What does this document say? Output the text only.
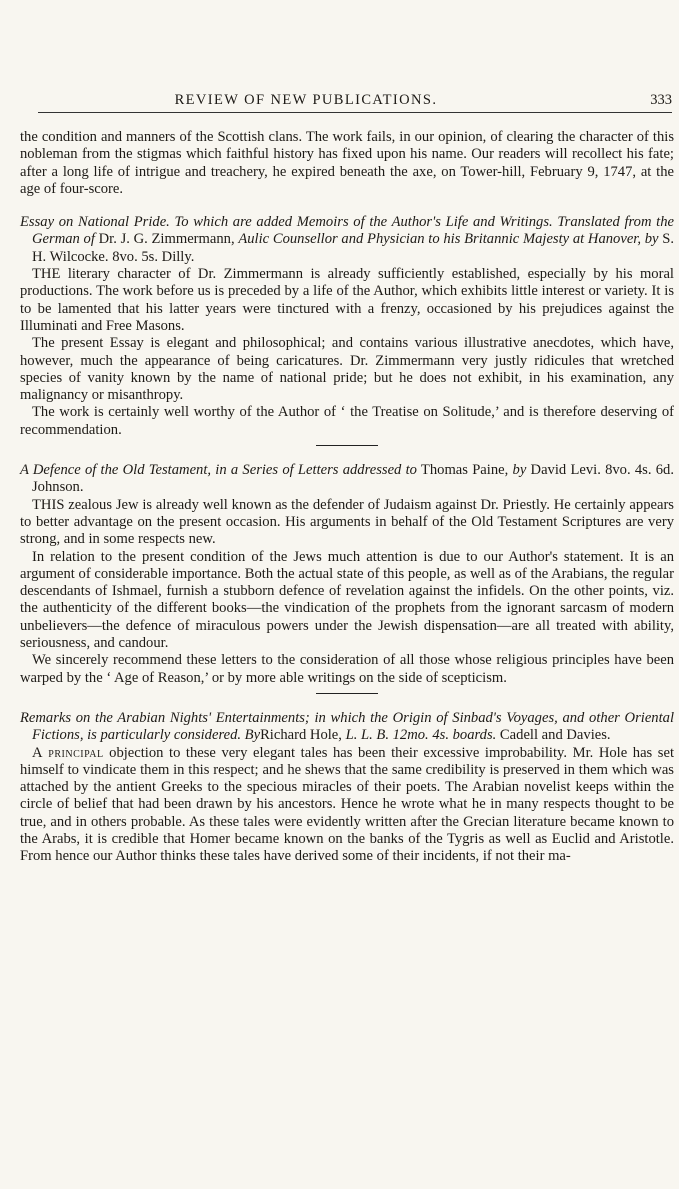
REVIEW OF NEW PUBLICATIONS.	333

the condition and manners of the Scottish clans. The work fails, in our opinion, of clearing the character of this nobleman from the stigmas which faithful history has fixed upon his name. Our readers will recollect his fate; after a long life of intrigue and treachery, he expired beneath the axe, on Tower-hill, February 9, 1747, at the age of four-score.

Essay on National Pride. To which are added Memoirs of the Author's Life and Writings. Translated from the German of Dr. J. G. Zimmermann, Aulic Counsellor and Physician to his Britannic Majesty at Hanover, by S. H. Wilcocke. 8vo. 5s. Dilly.

THE literary character of Dr. Zimmermann is already sufficiently established, especially by his moral productions. The work before us is preceded by a life of the Author, which exhibits little interest or variety. It is to be lamented that his latter years were tinctured with a frenzy, occasioned by his prejudices against the Illuminati and Free Masons.

The present Essay is elegant and philosophical; and contains various illustrative anecdotes, which have, however, much the appearance of being caricatures. Dr. Zimmermann very justly ridicules that wretched species of vanity known by the name of national pride; but he does not exhibit, in his examination, any malignancy or misanthropy.

The work is certainly well worthy of the Author of ‘ the Treatise on Solitude,’ and is therefore deserving of recommendation.

A Defence of the Old Testament, in a Series of Letters addressed to Thomas Paine, by David Levi. 8vo. 4s. 6d. Johnson.

THIS zealous Jew is already well known as the defender of Judaism against Dr. Priestly. He certainly appears to better advantage on the present occasion. His arguments in behalf of the Old Testament Scriptures are very strong, and in some respects new.

In relation to the present condition of the Jews much attention is due to our Author's statement. It is an argument of considerable importance. Both the actual state of this people, as well as of the Arabians, the regular descendants of Ishmael, furnish a stubborn defence of revelation against the infidels. On the other points, viz. the authenticity of the different books—the vindication of the prophets from the ignorant sarcasm of modern unbelievers—the defence of miraculous powers under the Jewish dispensation—are all treated with ability, seriousness, and candour.

We sincerely recommend these letters to the consideration of all those whose religious principles have been warped by the ‘ Age of Reason,’ or by more able writings on the side of scepticism.

Remarks on the Arabian Nights' Entertainments; in which the Origin of Sinbad's Voyages, and other Oriental Fictions, is particularly considered. ByRichard Hole, L. L. B. 12mo. 4s. boards. Cadell and Davies.

A principal objection to these very elegant tales has been their excessive improbability. Mr. Hole has set himself to vindicate them in this respect; and he shews that the same credibility is preserved in them which was attached by the antient Greeks to the specious miracles of their poets. The Arabian novelist keeps within the circle of belief that had been drawn by his ancestors. Hence he wrote what he in many respects thought to be true, and in others probable. As these tales were evidently written after the Grecian literature became known to the Arabs, it is credible that Homer became known on the banks of the Tygris as well as Euclid and Aristotle. From hence our Author thinks these tales have derived some of their incidents, if not their ma-
